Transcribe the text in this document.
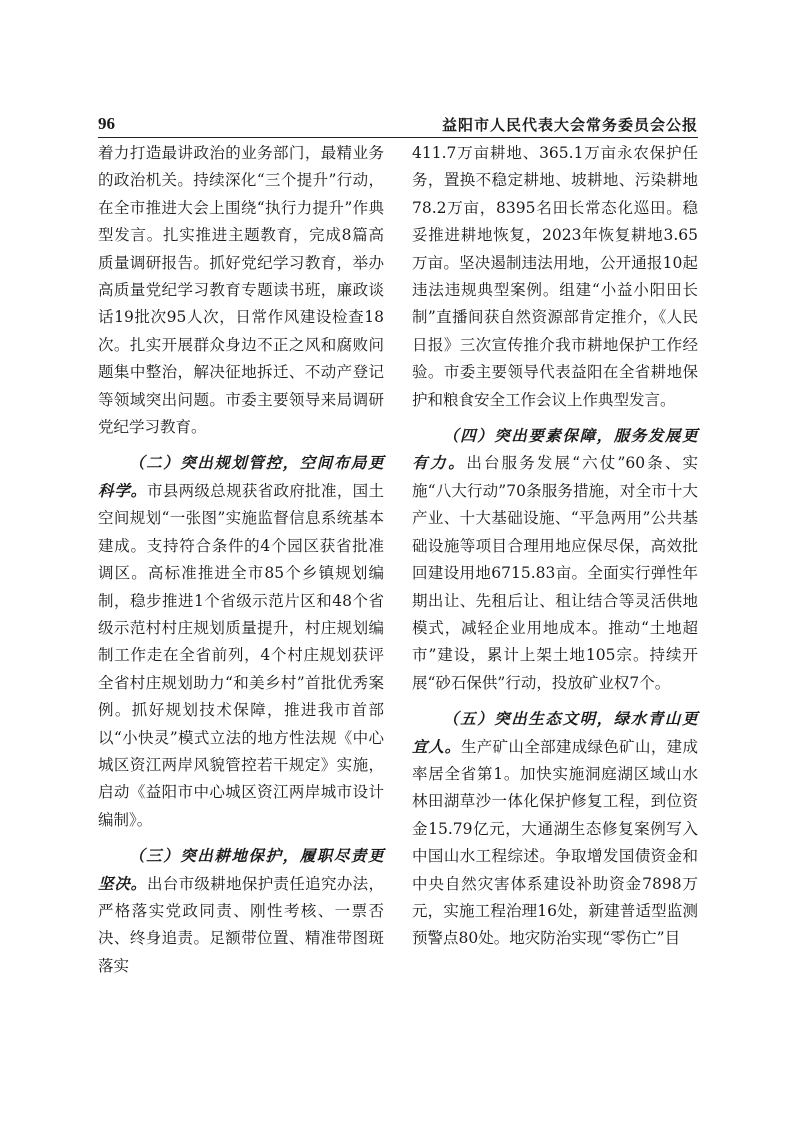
96	益阳市人民代表大会常务委员会公报

着力打造最讲政治的业务部门，最精业务的政治机关。持续深化“三个提升”行动，在全市推进大会上围绕“执行力提升”作典型发言。扎实推进主题教育，完成8篇高质量调研报告。抓好党纪学习教育，举办高质量党纪学习教育专题读书班，廉政谈话19批次95人次，日常作风建设检查18次。扎实开展群众身边不正之风和腐败问题集中整治，解决征地拆迁、不动产登记等领域突出问题。市委主要领导来局调研党纪学习教育。

（二）突出规划管控，空间布局更科学。市县两级总规获省政府批准，国土空间规划“一张图”实施监督信息系统基本建成。支持符合条件的4个园区获省批准调区。高标准推进全市85个乡镇规划编制，稳步推进1个省级示范片区和48个省级示范村村庄规划质量提升，村庄规划编制工作走在全省前列，4个村庄规划获评全省村庄规划助力“和美乡村”首批优秀案例。抓好规划技术保障，推进我市首部以“小快灵”模式立法的地方性法规《中心城区资江两岸风貌管控若干规定》实施，启动《益阳市中心城区资江两岸城市设计编制》。

（三）突出耕地保护，履职尽责更坚决。出台市级耕地保护责任追究办法，严格落实党政同责、刚性考核、一票否决、终身追责。足额带位置、精准带图斑落实

411.7万亩耕地、365.1万亩永农保护任务，置换不稳定耕地、坡耕地、污染耕地78.2万亩，8395名田长常态化巡田。稳妥推进耕地恢复，2023年恢复耕地3.65万亩。坚决遏制违法用地，公开通报10起违法违规典型案例。组建“小益小阳田长制”直播间获自然资源部肯定推介，《人民日报》三次宣传推介我市耕地保护工作经验。市委主要领导代表益阳在全省耕地保护和粮食安全工作会议上作典型发言。

（四）突出要素保障，服务发展更有力。出台服务发展“六仗”60条、实施“八大行动”70条服务措施，对全市十大产业、十大基础设施、“平急两用”公共基础设施等项目合理用地应保尽保，高效批回建设用地6715.83亩。全面实行弹性年期出让、先租后让、租让结合等灵活供地模式，减轻企业用地成本。推动“土地超市”建设，累计上架土地105宗。持续开展“砂石保供”行动，投放矿业权7个。

（五）突出生态文明，绿水青山更宜人。生产矿山全部建成绿色矿山，建成率居全省第1。加快实施洞庭湖区域山水林田湖草沙一体化保护修复工程，到位资金15.79亿元，大通湖生态修复案例写入中国山水工程综述。争取增发国债资金和中央自然灾害体系建设补助资金7898万元，实施工程治理16处，新建普适型监测预警点80处。地灾防治实现“零伤亡”目
